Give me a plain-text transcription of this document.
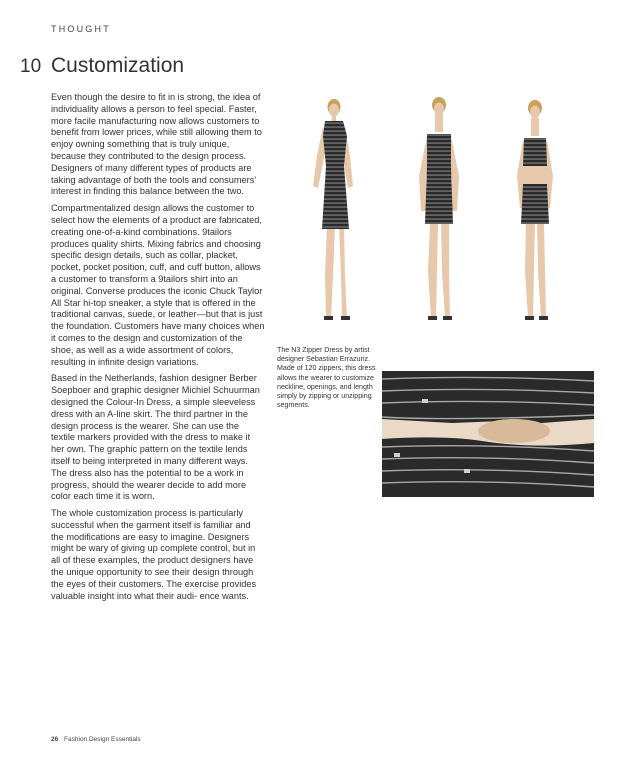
THOUGHT
10 Customization

Even though the desire to fit in is strong, the idea of individuality allows a person to feel special. Faster, more facile manufacturing now allows customers to benefit from lower prices, while still allowing them to enjoy owning something that is truly unique, because they contributed to the design process. Designers of many different types of products are taking advantage of both the tools and consumers’ interest in finding this balance between the two.

Compartmentalized design allows the customer to select how the elements of a product are fabricated, creating one-of-a-kind combinations. 9tailors produces quality shirts. Mixing fabrics and choosing specific design details, such as collar, placket, pocket, pocket position, cuff, and cuff button, allows a customer to transform a 9tailors shirt into an original. Converse produces the iconic Chuck Taylor All Star hi-top sneaker, a style that is offered in the traditional canvas, suede, or leather—but that is just the foundation. Customers have many choices when it comes to the design and customization of the shoe, as well as a wide assortment of colors, resulting in infinite design variations.

Based in the Netherlands, fashion designer Berber Soepboer and graphic designer Michiel Schuurman designed the Colour-In Dress, a simple sleeveless dress with an A-line skirt. The third partner in the design process is the wearer. She can use the textile markers provided with the dress to make it her own. The graphic pattern on the textile lends itself to being interpreted in many different ways. The dress also has the potential to be a work in progress, should the wearer decide to add more color each time it is worn.

The whole customization process is particularly successful when the garment itself is familiar and the modifications are easy to imagine. Designers might be wary of giving up complete control, but in all of these examples, the product designers have the unique opportunity to see their design through the eyes of their customers. The exercise provides valuable insight into what their audi- ence wants.

The N3 Zipper Dress by artist designer Sebastian Errazuriz. Made of 120 zippers, this dress allows the wearer to customize neckline, openings, and length simply by zipping or unzipping segments.
26 Fashion Design Essentials
